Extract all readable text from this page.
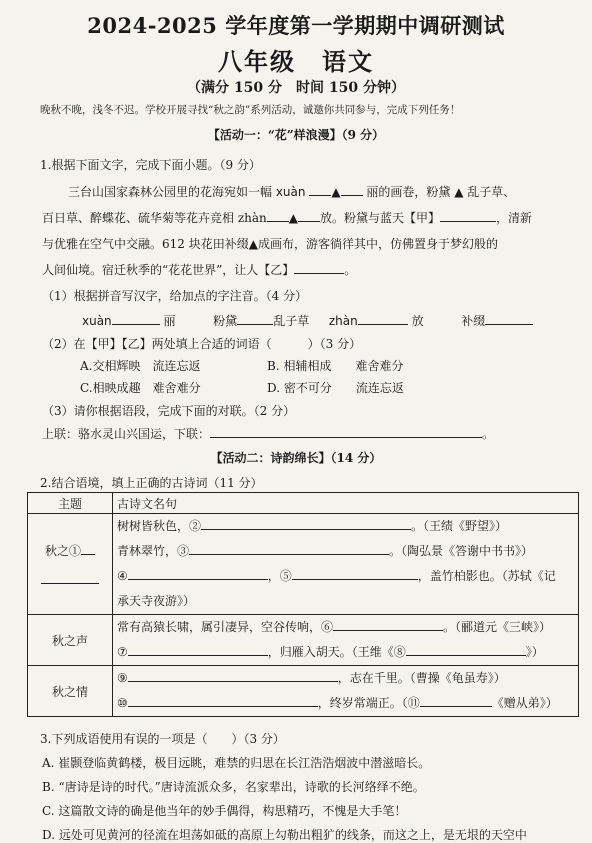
2024-2025 学年度第一学期期中调研测试
八年级　语文
（满分 150 分　时间 150 分钟）
晚秋不晚，浅冬不迟。学校开展寻找“秋之韵”系列活动，诚邀你共同参与，完成下列任务！
【活动一：“花”样浪漫】（9 分）
1.根据下面文字，完成下面小题。（9 分）
三台山国家森林公园里的花海宛如一幅 xuàn ▲ 丽的画卷，粉黛 ▲ 乱子草、
百日草、醉蝶花、硫华菊等花卉竞相 zhàn ▲ 放。粉黛与蓝天【甲】	，清新
与优雅在空气中交融。612 块花田补缀▲成画布，游客徜徉其中，仿佛置身于梦幻般的
人间仙境。宿迁秋季的“花花世界”，让人【乙】	。
（1）根据拼音写汉字，给加点的字注音。（4 分）
xuàn	丽	粉黛	乱子草 zhàn	放	补缀
（2）在【甲】【乙】两处填上合适的词语（　　　）（3 分）
A.交相辉映　流连忘返	B. 相辅相成　　难舍难分
C.相映成趣　难舍难分	D. 密不可分　　流连忘返
（3）请你根据语段，完成下面的对联。（2 分）
上联：骆水灵山兴国运，下联：	。
【活动二：诗韵绵长】（14 分）
2.结合语境，填上正确的古诗词（11 分）
主题	古诗文名句

秋之①	树树皆秋色，② 。（王绩《野望》）
青林翠竹，③ 。（陶弘景《答谢中书书》）
④ ，⑤ ，盖竹柏影也。（苏轼《记
承天寺夜游》）

秋之声	常有高猿长啸，属引凄异，空谷传响，⑥ 。（郦道元《三峡》）
⑦ ，归雁入胡天。（王维《⑧ 》）

秋之情	⑨ ，志在千里。（曹操《龟虽寿》）
⑩ ，终岁常端正。（⑪ 《赠从弟》）
3.下列成语使用有误的一项是（　　）（3 分）
A. 崔颢登临黄鹤楼，极目远眺，难禁的归思在长江浩浩烟波中潜滋暗长。
B. “唐诗是诗的时代。”唐诗流派众多，名家辈出，诗歌的长河络绎不绝。
C. 这篇散文诗的确是他当年的妙手偶得，构思精巧，不愧是大手笔！
D. 远处可见黄河的径流在坦荡如砥的高原上勾勒出粗犷的线条，而这之上，是无垠的天空中
